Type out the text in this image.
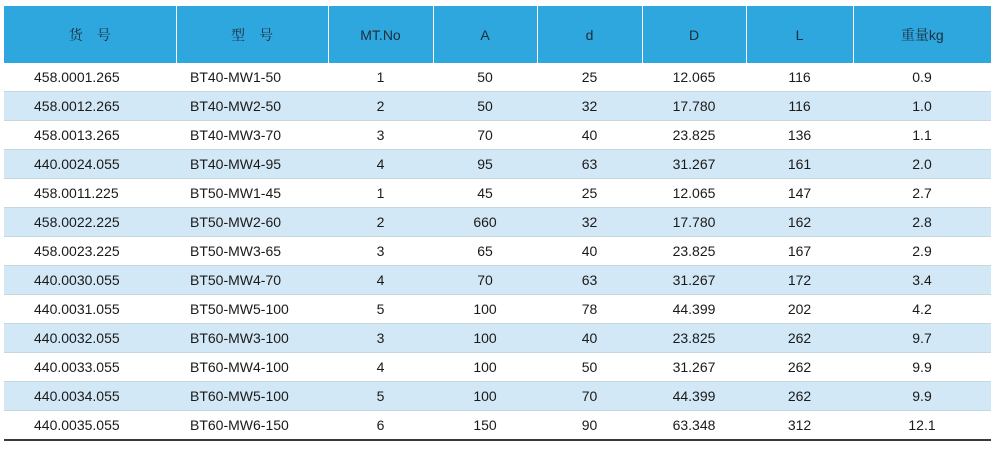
货　号	型　号	MT.No	A	d	D	L	重量kg
458.0001.265	BT40-MW1-50	1	50	25	12.065	116	0.9
458.0012.265	BT40-MW2-50	2	50	32	17.780	116	1.0
458.0013.265	BT40-MW3-70	3	70	40	23.825	136	1.1
440.0024.055	BT40-MW4-95	4	95	63	31.267	161	2.0
458.0011.225	BT50-MW1-45	1	45	25	12.065	147	2.7
458.0022.225	BT50-MW2-60	2	660	32	17.780	162	2.8
458.0023.225	BT50-MW3-65	3	65	40	23.825	167	2.9
440.0030.055	BT50-MW4-70	4	70	63	31.267	172	3.4
440.0031.055	BT50-MW5-100	5	100	78	44.399	202	4.2
440.0032.055	BT60-MW3-100	3	100	40	23.825	262	9.7
440.0033.055	BT60-MW4-100	4	100	50	31.267	262	9.9
440.0034.055	BT60-MW5-100	5	100	70	44.399	262	9.9
440.0035.055	BT60-MW6-150	6	150	90	63.348	312	12.1
